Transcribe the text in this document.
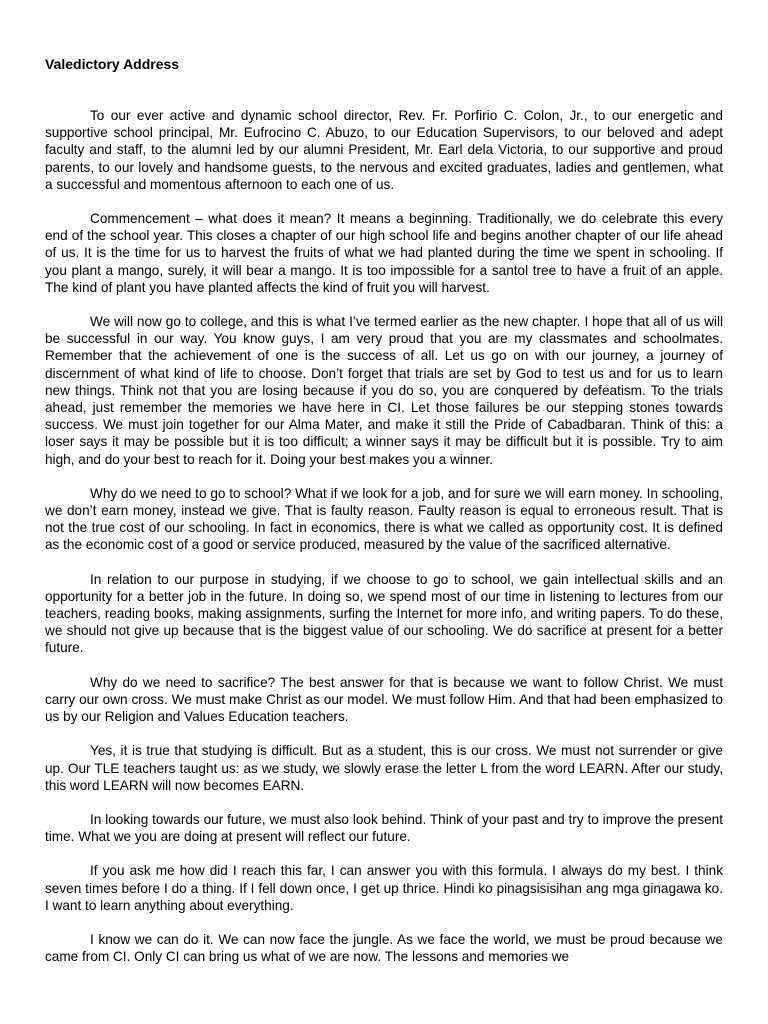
Valedictory Address

To our ever active and dynamic school director, Rev. Fr. Porfirio C. Colon, Jr., to our energetic and supportive school principal, Mr. Eufrocino C. Abuzo, to our Education Supervisors, to our beloved and adept faculty and staff, to the alumni led by our alumni President, Mr. Earl dela Victoria, to our supportive and proud parents, to our lovely and handsome guests, to the nervous and excited graduates, ladies and gentlemen, what a successful and momentous afternoon to each one of us.

Commencement – what does it mean? It means a beginning. Traditionally, we do celebrate this every end of the school year. This closes a chapter of our high school life and begins another chapter of our life ahead of us. It is the time for us to harvest the fruits of what we had planted during the time we spent in schooling. If you plant a mango, surely, it will bear a mango. It is too impossible for a santol tree to have a fruit of an apple. The kind of plant you have planted affects the kind of fruit you will harvest.

We will now go to college, and this is what I’ve termed earlier as the new chapter. I hope that all of us will be successful in our way. You know guys, I am very proud that you are my classmates and schoolmates. Remember that the achievement of one is the success of all. Let us go on with our journey, a journey of discernment of what kind of life to choose. Don’t forget that trials are set by God to test us and for us to learn new things. Think not that you are losing because if you do so, you are conquered by defeatism. To the trials ahead, just remember the memories we have here in CI. Let those failures be our stepping stones towards success. We must join together for our Alma Mater, and make it still the Pride of Cabadbaran. Think of this: a loser says it may be possible but it is too difficult; a winner says it may be difficult but it is possible. Try to aim high, and do your best to reach for it. Doing your best makes you a winner.

Why do we need to go to school? What if we look for a job, and for sure we will earn money. In schooling, we don’t earn money, instead we give. That is faulty reason. Faulty reason is equal to erroneous result. That is not the true cost of our schooling. In fact in economics, there is what we called as opportunity cost. It is defined as the economic cost of a good or service produced, measured by the value of the sacrificed alternative.

In relation to our purpose in studying, if we choose to go to school, we gain intellectual skills and an opportunity for a better job in the future. In doing so, we spend most of our time in listening to lectures from our teachers, reading books, making assignments, surfing the Internet for more info, and writing papers. To do these, we should not give up because that is the biggest value of our schooling. We do sacrifice at present for a better future.

Why do we need to sacrifice? The best answer for that is because we want to follow Christ. We must carry our own cross. We must make Christ as our model. We must follow Him. And that had been emphasized to us by our Religion and Values Education teachers.

Yes, it is true that studying is difficult. But as a student, this is our cross. We must not surrender or give up. Our TLE teachers taught us: as we study, we slowly erase the letter L from the word LEARN. After our study, this word LEARN will now becomes EARN.

In looking towards our future, we must also look behind. Think of your past and try to improve the present time. What we you are doing at present will reflect our future.

If you ask me how did I reach this far, I can answer you with this formula. I always do my best. I think seven times before I do a thing. If I fell down once, I get up thrice. Hindi ko pinagsisisihan ang mga ginagawa ko. I want to learn anything about everything.

I know we can do it. We can now face the jungle. As we face the world, we must be proud because we came from CI. Only CI can bring us what of we are now. The lessons and memories we
